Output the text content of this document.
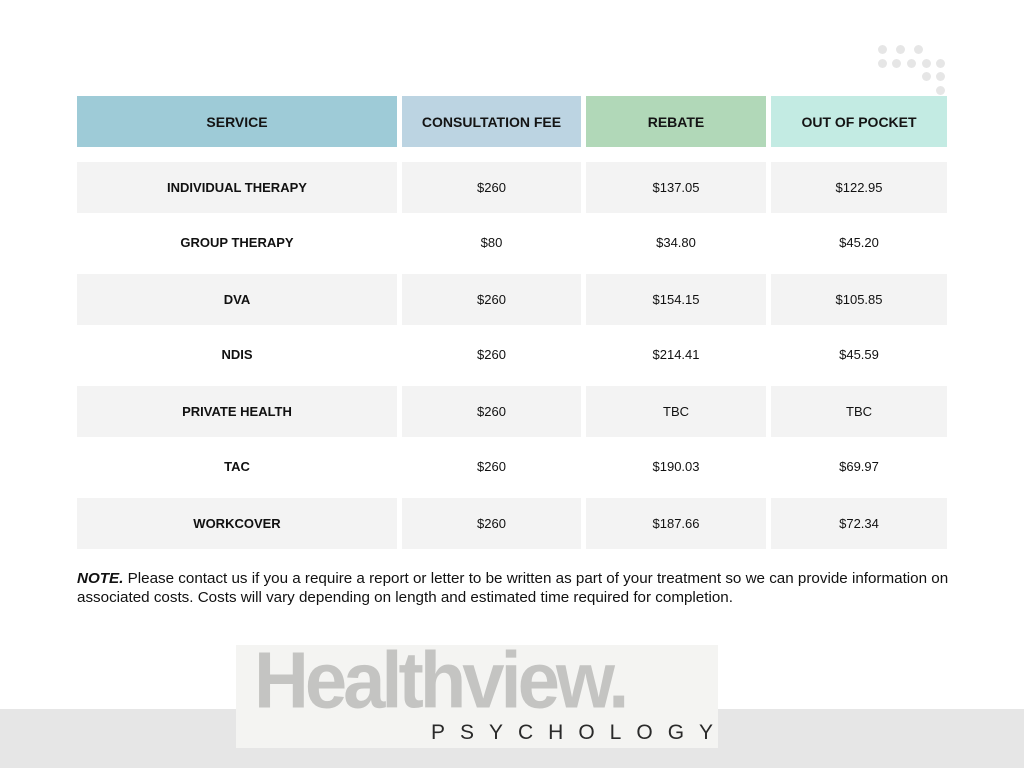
SERVICE	CONSULTATION FEE	REBATE	OUT OF POCKET
INDIVIDUAL THERAPY	$260	$137.05	$122.95
GROUP THERAPY	$80	$34.80	$45.20
DVA	$260	$154.15	$105.85
NDIS	$260	$214.41	$45.59
PRIVATE HEALTH	$260	TBC	TBC
TAC	$260	$190.03	$69.97
WORKCOVER	$260	$187.66	$72.34

NOTE. Please contact us if you a require a report or letter to be written as part of your treatment so we can provide information on associated costs. Costs will vary depending on length and estimated time required for completion.

Healthview.
PSYCHOLOGY
